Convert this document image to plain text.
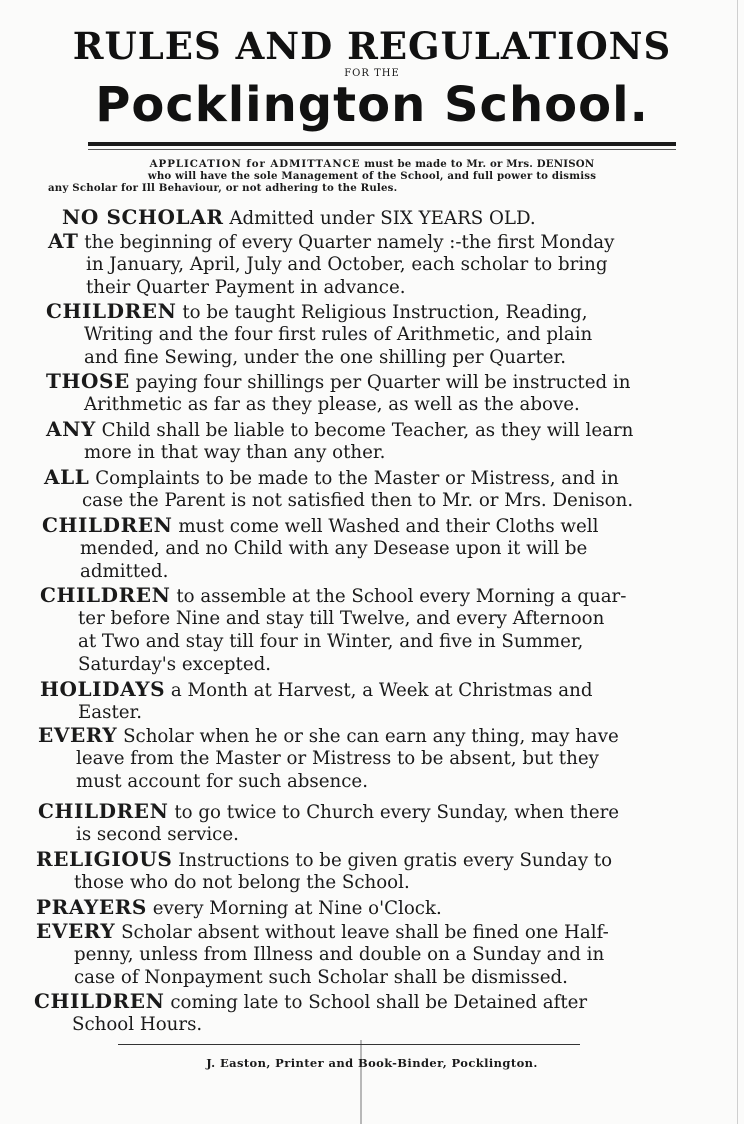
RULES AND REGULATIONS
FOR THE
Pocklington School.
APPLICATION for ADMITTANCE must be made to Mr. or Mrs. DENISON
who will have the sole Management of the School, and full power to dismiss
any Scholar for Ill Behaviour, or not adhering to the Rules.
NO SCHOLAR Admitted under SIX YEARS OLD.
AT the beginning of every Quarter namely :-the first Monday
in January, April, July and October, each scholar to bring
their Quarter Payment in advance.
CHILDREN to be taught Religious Instruction, Reading,
Writing and the four first rules of Arithmetic, and plain
and fine Sewing, under the one shilling per Quarter.
THOSE paying four shillings per Quarter will be instructed in
Arithmetic as far as they please, as well as the above.
ANY Child shall be liable to become Teacher, as they will learn
more in that way than any other.
ALL Complaints to be made to the Master or Mistress, and in
case the Parent is not satisfied then to Mr. or Mrs. Denison.
CHILDREN must come well Washed and their Cloths well
mended, and no Child with any Desease upon it will be
admitted.
CHILDREN to assemble at the School every Morning a quar-
ter before Nine and stay till Twelve, and every Afternoon
at Two and stay till four in Winter, and five in Summer,
Saturday's excepted.
HOLIDAYS a Month at Harvest, a Week at Christmas and
Easter.
EVERY Scholar when he or she can earn any thing, may have
leave from the Master or Mistress to be absent, but they
must account for such absence.
CHILDREN to go twice to Church every Sunday, when there
is second service.
RELIGIOUS Instructions to be given gratis every Sunday to
those who do not belong the School.
PRAYERS every Morning at Nine o'Clock.
EVERY Scholar absent without leave shall be fined one Half-
penny, unless from Illness and double on a Sunday and in
case of Nonpayment such Scholar shall be dismissed.
CHILDREN coming late to School shall be Detained after
School Hours.
J. Easton, Printer and Book-Binder, Pocklington.
